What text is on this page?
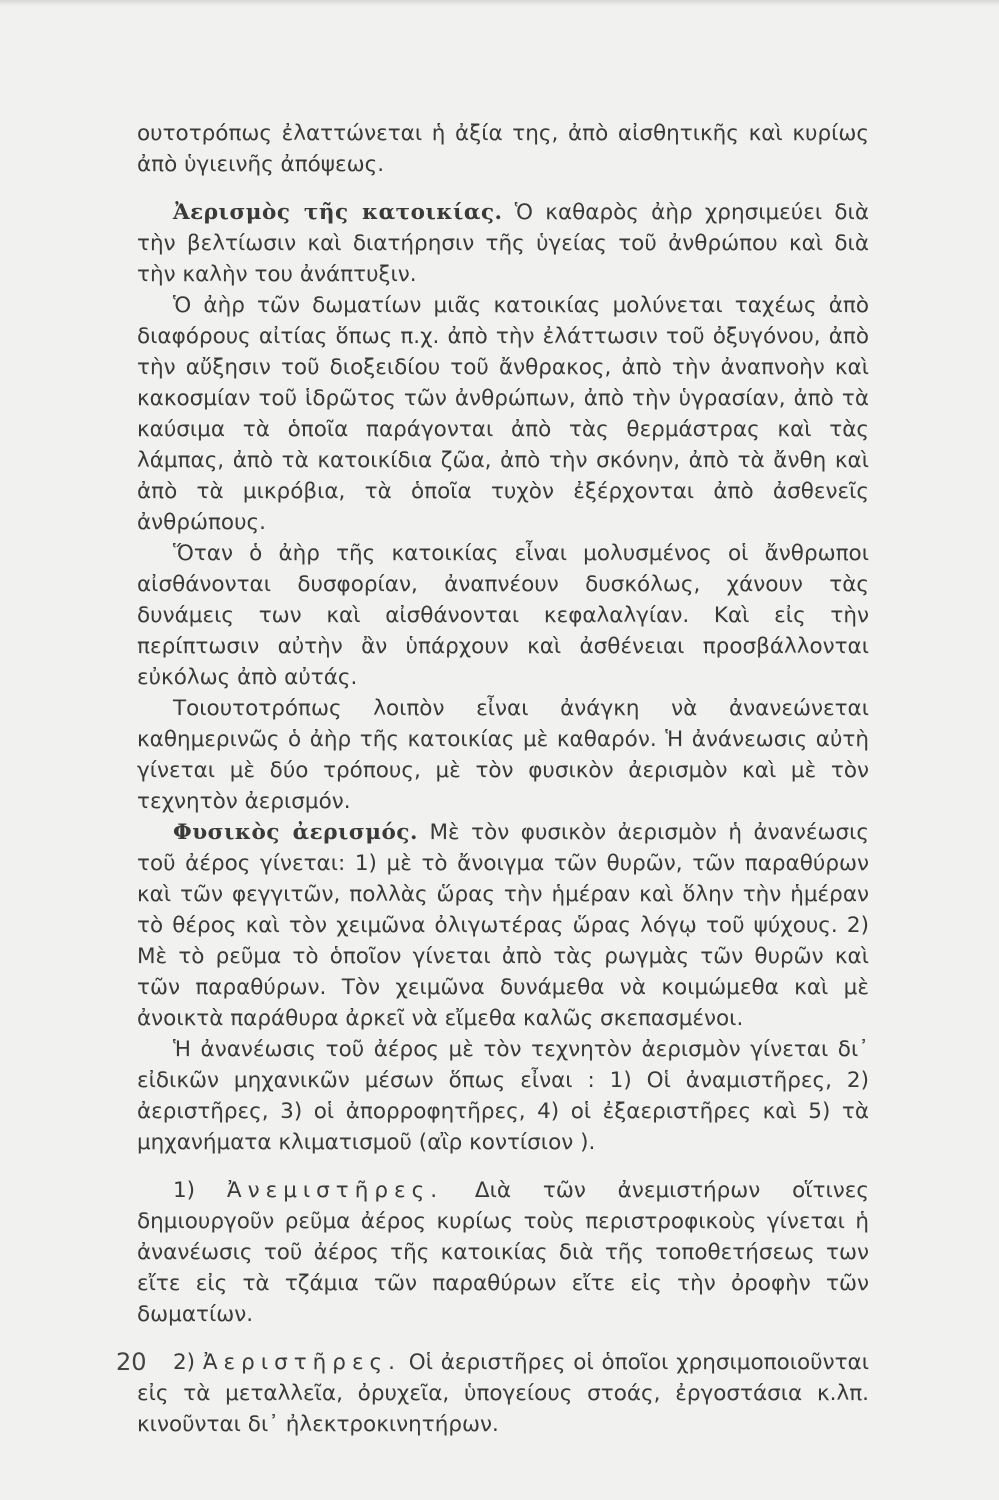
ουτοτρόπως ἐλαττώνεται ἡ ἀξία της, ἀπὸ αἰσθητικῆς καὶ κυρίως ἀπὸ ὑγιεινῆς ἀπόψεως.

Ἀερισμὸς τῆς κατοικίας. Ὁ καθαρὸς ἀὴρ χρησιμεύει διὰ τὴν βελτίωσιν καὶ διατήρησιν τῆς ὑγείας τοῦ ἀνθρώπου καὶ διὰ τὴν καλὴν του ἀνάπτυξιν.

Ὁ ἀὴρ τῶν δωματίων μιᾶς κατοικίας μολύνεται ταχέως ἀπὸ διαφόρους αἰτίας ὅπως π.χ. ἀπὸ τὴν ἐλάττωσιν τοῦ ὀξυγόνου, ἀπὸ τὴν αὔξησιν τοῦ διοξειδίου τοῦ ἄνθρακος, ἀπὸ τὴν ἀναπνοὴν καὶ κακοσμίαν τοῦ ἱδρῶτος τῶν ἀνθρώπων, ἀπὸ τὴν ὑγρασίαν, ἀπὸ τὰ καύσιμα τὰ ὁποῖα παράγονται ἀπὸ τὰς θερμάστρας καὶ τὰς λάμπας, ἀπὸ τὰ κατοικίδια ζῶα, ἀπὸ τὴν σκόνην, ἀπὸ τὰ ἄνθη καὶ ἀπὸ τὰ μικρόβια, τὰ ὁποῖα τυχὸν ἐξέρχονται ἀπὸ ἀσθενεῖς ἀνθρώπους.

Ὅταν ὁ ἀὴρ τῆς κατοικίας εἶναι μολυσμένος οἱ ἄνθρωποι αἰσθάνονται δυσφορίαν, ἀναπνέουν δυσκόλως, χάνουν τὰς δυνάμεις των καὶ αἰσθάνονται κεφαλαλγίαν. Καὶ εἰς τὴν περίπτωσιν αὐτὴν ἂν ὑπάρχουν καὶ ἀσθένειαι προσβάλλονται εὐκόλως ἀπὸ αὐτάς.

Τοιουτοτρόπως λοιπὸν εἶναι ἀνάγκη νὰ ἀνανεώνεται καθημερινῶς ὁ ἀὴρ τῆς κατοικίας μὲ καθαρόν. Ἡ ἀνάνεωσις αὐτὴ γίνεται μὲ δύο τρόπους, μὲ τὸν φυσικὸν ἀερισμὸν καὶ μὲ τὸν τεχνητὸν ἀερισμόν.

Φυσικὸς ἀερισμός. Μὲ τὸν φυσικὸν ἀερισμὸν ἡ ἀνανέωσις τοῦ ἀέρος γίνεται: 1) μὲ τὸ ἄνοιγμα τῶν θυρῶν, τῶν παραθύρων καὶ τῶν φεγγιτῶν, πολλὰς ὥρας τὴν ἡμέραν καὶ ὅλην τὴν ἡμέραν τὸ θέρος καὶ τὸν χειμῶνα ὀλιγωτέρας ὥρας λόγῳ τοῦ ψύχους. 2) Μὲ τὸ ρεῦμα τὸ ὁποῖον γίνεται ἀπὸ τὰς ρωγμὰς τῶν θυρῶν καὶ τῶν παραθύρων. Τὸν χειμῶνα δυνάμεθα νὰ κοιμώμεθα καὶ μὲ ἀνοικτὰ παράθυρα ἀρκεῖ νὰ εἴμεθα καλῶς σκεπασμένοι.

Ἡ ἀνανέωσις τοῦ ἀέρος μὲ τὸν τεχνητὸν ἀερισμὸν γίνεται δι᾽ εἰδικῶν μηχανικῶν μέσων ὅπως εἶναι : 1) Οἱ ἀναμιστῆρες, 2) ἀεριστῆρες, 3) οἱ ἀπορροφητῆρες, 4) οἱ ἐξαεριστῆρες καὶ 5) τὰ μηχανήματα κλιματισμοῦ (αἲρ κοντίσιον ).

1) Ἀνεμιστῆρες. Διὰ τῶν ἀνεμιστήρων οἵτινες δημιουργοῦν ρεῦμα ἀέρος κυρίως τοὺς περιστροφικοὺς γίνεται ἡ ἀνανέωσις τοῦ ἀέρος τῆς κατοικίας διὰ τῆς τοποθετήσεως των εἴτε εἰς τὰ τζάμια τῶν παραθύρων εἴτε εἰς τὴν ὀροφὴν τῶν δωματίων.

2) Ἀεριστῆρες. Οἱ ἀεριστῆρες οἱ ὁποῖοι χρησιμοποιοῦνται εἰς τὰ μεταλλεῖα, ὀρυχεῖα, ὑπογείους στοάς, ἐργοστάσια κ.λπ. κινοῦνται δι᾽ ἠλεκτροκινητήρων.

20
